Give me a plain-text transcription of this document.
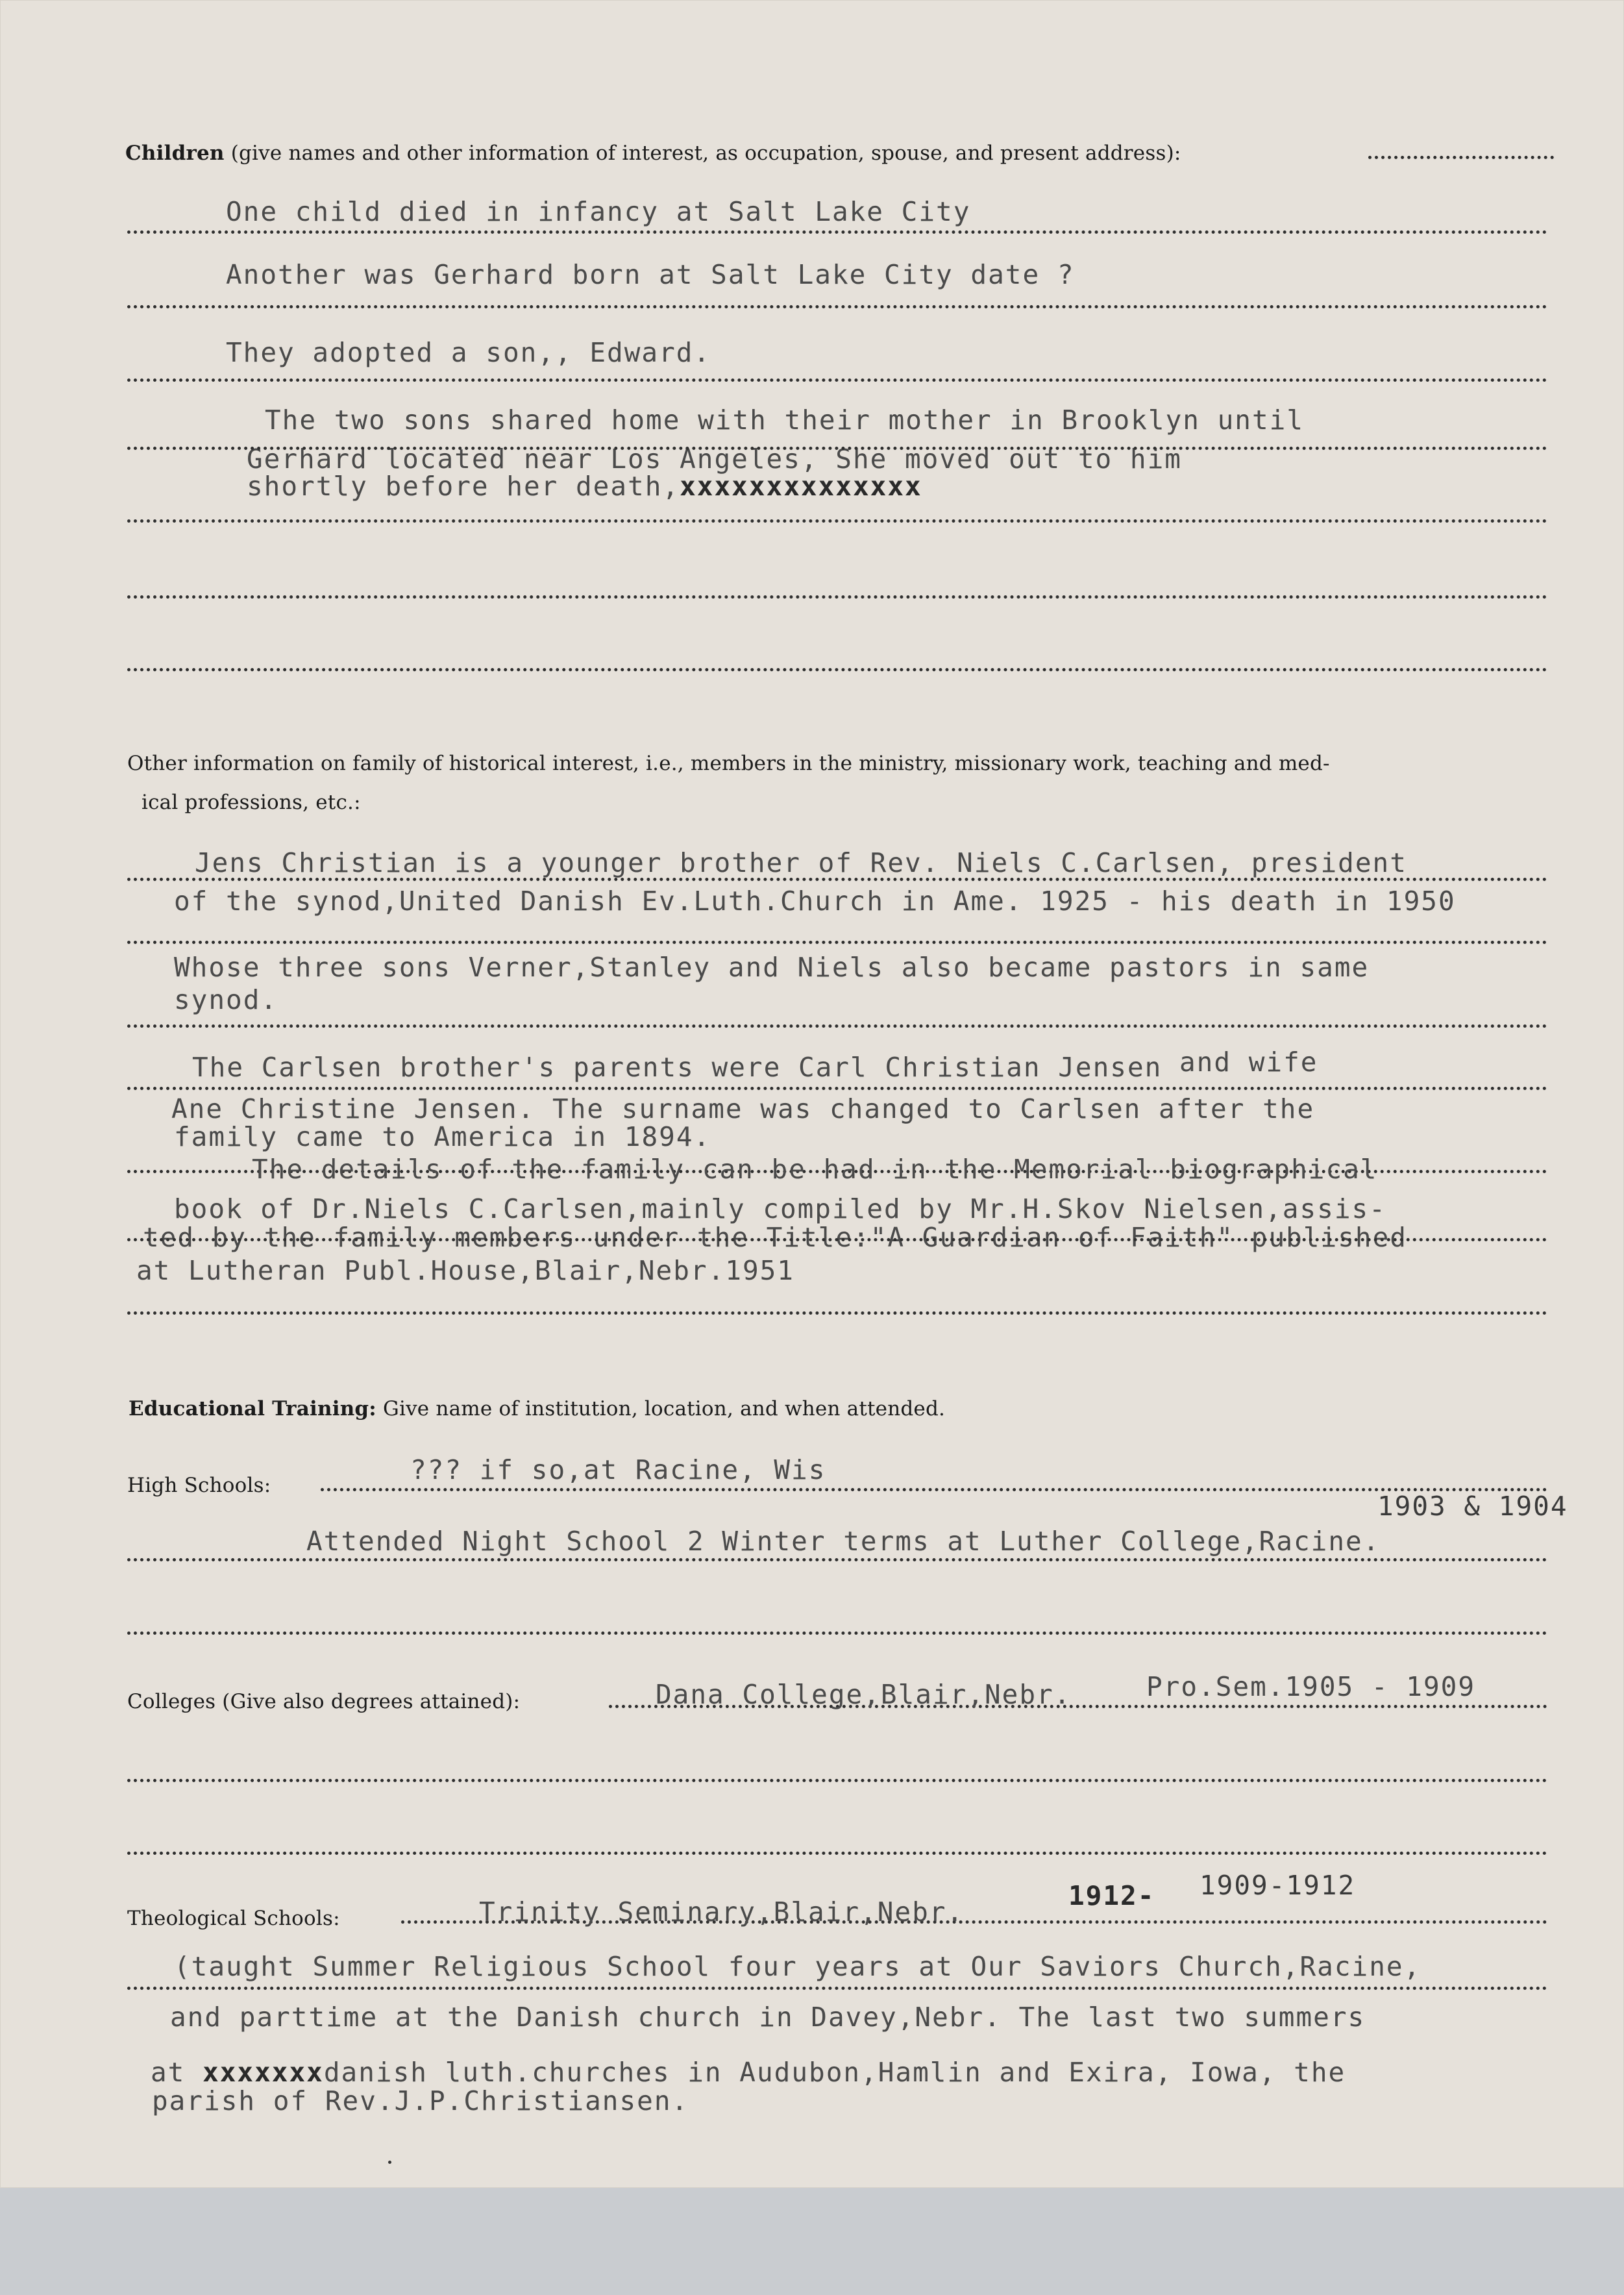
Children (give names and other information of interest, as occupation, spouse, and present address):
One child died in infancy at Salt Lake City
Another was Gerhard born at Salt Lake City date ?
They adopted a son,, Edward.
The two sons shared home with their mother in Brooklyn until
Gerhard located near Los Angeles, She moved out to him
shortly before her death,xxxxxxxxxxxxxx
Other information on family of historical interest, i.e., members in the ministry, missionary work, teaching and med-
ical professions, etc.:
Jens Christian is a younger brother of Rev. Niels C.Carlsen, president
of the synod,United Danish Ev.Luth.Church in Ame. 1925 - his death in 1950
Whose three sons Verner,Stanley and Niels also became pastors in same
synod.
The Carlsen brother's parents were Carl Christian Jensen and wife
Ane Christine Jensen. The surname was changed to Carlsen after the
family came to America in 1894.
The details of the family can be had in the Memorial biographical
book of Dr.Niels C.Carlsen,mainly compiled by Mr.H.Skov Nielsen,assis-
ted by the family members under the Title:"A Guardian of Faith" published
at Lutheran Publ.House,Blair,Nebr.1951
Educational Training: Give name of institution, location, and when attended.
High Schools:	??? if so,at Racine, Wis
1903 & 1904
Attended Night School 2 Winter terms at Luther College,Racine.
Colleges (Give also degrees attained):	Dana College,Blair,Nebr.	Pro.Sem.1905 - 1909
Theological Schools:	Trinity Seminary,Blair,Nebr.
1912- 1909-1912
(taught Summer Religious School four years at Our Saviors Church,Racine,
and parttime at the Danish church in Davey,Nebr. The last two summers
at xxxxxxxdanish luth.churches in Audubon,Hamlin and Exira, Iowa, the
parish of Rev.J.P.Christiansen.
